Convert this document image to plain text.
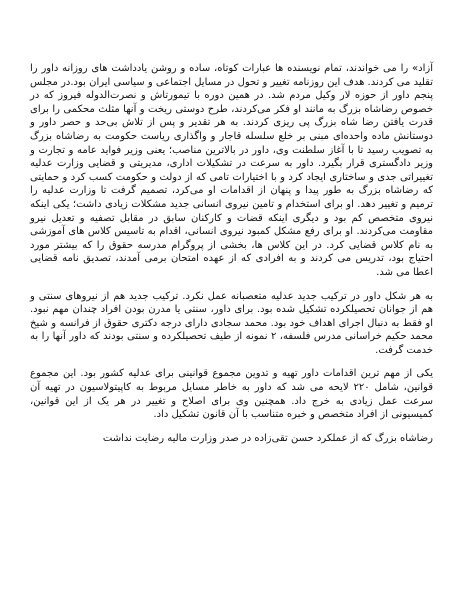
آزاد» را می خواندند، تمام نویسنده ها عبارات کوتاه، ساده و روشن یادداشت های روزانه داور را تقلید می کردند. هدف این روزنامه تغییر و تحول در مسایل اجتماعی و سیاسی ایران بود.در مجلس پنجم داور از حوزه لار وکیل مردم شد. در همین دوره با تیمورتاش و نصرت‌الدوله فیروز که در خصوص رضاشاه بزرگ به مانند او فکر می‌کردند، طرح دوستی ریخت و آنها مثلث محکمی را برای قدرت یافتن رضا شاه بزرگ پی ریزی کردند. به هر تقدیر و پس از تلاش بی‌حد و حصر داور و دوستانش ماده واحده‌ای مبنی بر خلع سلسله قاجار و واگذاری ریاست حکومت به رضاشاه بزرگ به تصویب رسید تا با آغاز سلطنت وی، داور در بالاترین مناصب؛ یعنی وزیر فواید عامه و تجارت و وزیر دادگستری قرار بگیرد. داور به سرعت در تشکیلات اداری، مدیریتی و قضایی وزارت عدلیه تغییراتی جدی و ساختاری ایجاد کرد و با اختیارات تامی که از دولت و حکومت کسب کرد و حمایتی که رضاشاه بزرگ به طور پیدا و پنهان از اقدامات او می‌کرد، تصمیم گرفت تا وزارت عدلیه را ترمیم و تغییر دهد. او برای استخدام و تامین نیروی انسانی جدید مشکلات زیادی داشت؛ یکی اینکه نیروی متخصص کم بود و دیگری اینکه قضات و کارکنان سابق در مقابل تصفیه و تعدیل نیرو مقاومت می‌کردند. او برای رفع مشکل کمبود نیروی انسانی، اقدام به تاسیس کلاس های آموزشی به نام کلاس قضایی کرد. در این کلاس ها، بخشی از پروگرام مدرسه حقوق را که بیشتر مورد احتیاج بود، تدریس می کردند و به افرادی که از عهده امتحان برمی آمدند، تصدیق نامه قضایی اعطا می شد.

به هر شکل داور در ترکیب جدید عدلیه متعصبانه عمل نکرد. ترکیب جدید هم از نیروهای سنتی و هم از جوانان تحصیلکرده تشکیل شده بود. برای داور، سنتی یا مدرن بودن افراد چندان مهم نبود. او فقط به دنبال اجرای اهداف خود بود. محمد سجادی دارای درجه دکتری حقوق از فرانسه و شیخ محمد حکیم خراسانی مدرس فلسفه، ۲ نمونه از طیف تحصیلکرده و سنتی بودند که داور آنها را به خدمت گرفت.

یکی از مهم ترین اقدامات داور تهیه و تدوین مجموع قوانینی برای عدلیه کشور بود. این مجموع قوانین، شامل ۲۲۰ لایحه می شد که داور به خاطر مسایل مربوط به کاپیتولاسیون در تهیه آن سرعت عمل زیادی به خرج داد. همچنین وی برای اصلاح و تغییر در هر یک از این قوانین، کمیسیونی از افراد متخصص و خبره متناسب با آن قانون تشکیل داد.

رضاشاه بزرگ که از عملکرد حسن تقی‌زاده در صدر وزارت مالیه رضایت نداشت
